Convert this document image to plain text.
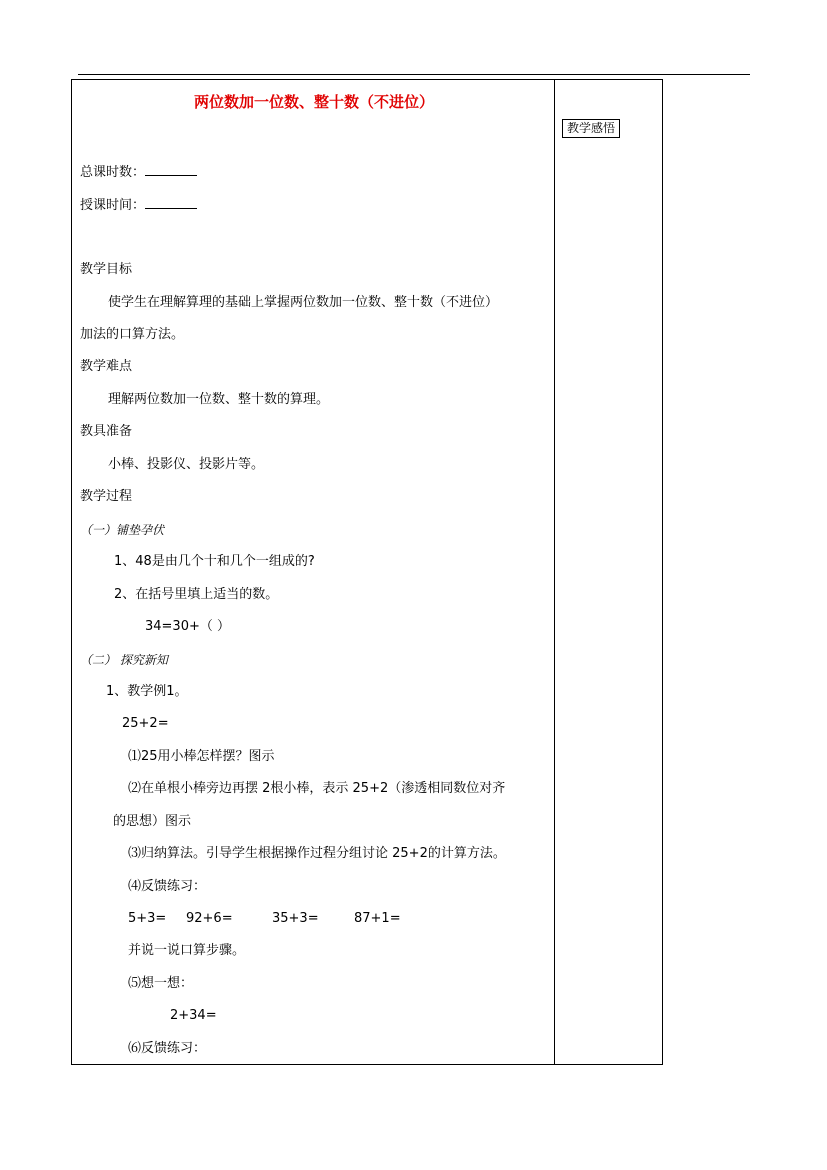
教学感悟
两位数加一位数、整十数（不进位）
总课时数：
授课时间：
教学目标
使学生在理解算理的基础上掌握两位数加一位数、整十数（不进位）
加法的口算方法。
教学难点
理解两位数加一位数、整十数的算理。
教具准备
小棒、投影仪、投影片等。
教学过程
（一）铺垫孕伏
1、48是由几个十和几个一组成的?
2、在括号里填上适当的数。
34=30+（ ）
（二） 探究新知
1、教学例1。
25+2=
⑴25用小棒怎样摆？图示
⑵在单根小棒旁边再摆 2根小棒，表示 25+2（渗透相同数位对齐
的思想）图示
⑶归纳算法。引导学生根据操作过程分组讨论 25+2的计算方法。
⑷反馈练习：
5+3= 92+6=	35+3=	87+1=
并说一说口算步骤。
⑸想一想：
2+34=
⑹反馈练习：
